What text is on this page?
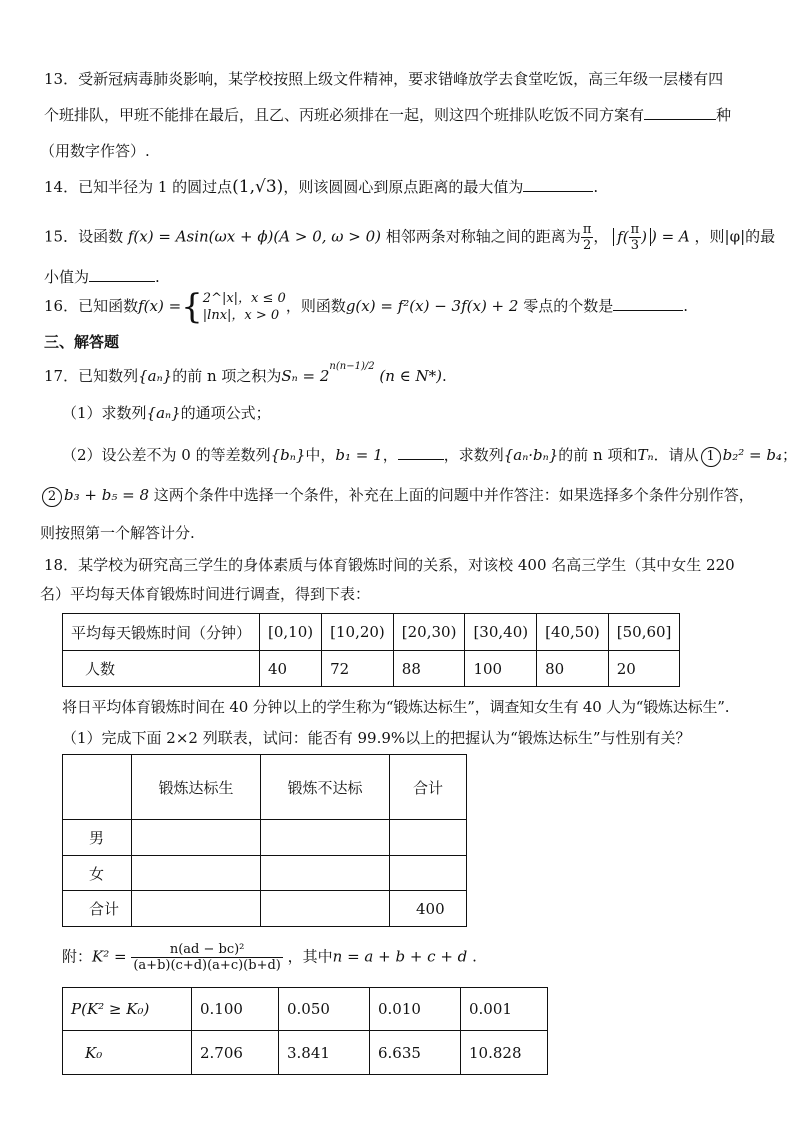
13．受新冠病毒肺炎影响，某学校按照上级文件精神，要求错峰放学去食堂吃饭，高三年级一层楼有四
个班排队，甲班不能排在最后，且乙、丙班必须排在一起，则这四个班排队吃饭不同方案有	种
（用数字作答）.
14．已知半径为 1 的圆过点(1,√3)，则该圆圆心到原点距离的最大值为	.
15．设函数 f(x) = Asin(ωx + ϕ)(A > 0, ω > 0) 相邻两条对称轴之间的距离为 $\frac{\pi}{2}$ ， $f( \frac{\pi}{3}$ ) ) = A ，则|φ|的最
小值为	.
16．已知函数f(x) ={ 2^|x|，x ≤ 0
|lnx|，x > 0
，则函数g(x) = f²(x) − 3f(x) + 2 零点的个数是	.
三、解答题
17．已知数列{aₙ}的前 n 项之积为$S_n = 2^{n(n-1)/2}$ (n ∈ N*).
（1）求数列{aₙ}的通项公式；
（2）设公差不为 0 的等差数列{bₙ}中，b₁ = 1，	，求数列{aₙ·bₙ}的前 n 项和Tₙ．请从 1 b₂² = b₄；
2 b₃ + b₅ = 8 这两个条件中选择一个条件，补充在上面的问题中并作答注：如果选择多个条件分别作答，
则按照第一个解答计分.
18．某学校为研究高三学生的身体素质与体育锻炼时间的关系，对该校 400 名高三学生（其中女生 220
名）平均每天体育锻炼时间进行调查，得到下表：
平均每天锻炼时间（分钟）	[0,10)	[10,20)	[20,30)	[30,40)	[40,50)	[50,60]
人数	40	72	88	100	80	20
将日平均体育锻炼时间在 40 分钟以上的学生称为“锻炼达标生”，调查知女生有 40 人为“锻炼达标生”.
（1）完成下面 2×2 列联表，试问：能否有 99.9%以上的把握认为“锻炼达标生”与性别有关？
	锻炼达标生	锻炼不达标	合计
男			
女			
合计			400
附：$K^2 = \frac{\text{n(ad − bc)²}}{(a+b)(c+d)(a+c)(b+d)}$ ，其中n = a + b + c + d .
P(K² ≥ K₀)	0.100	0.050	0.010	0.001
K₀	2.706	3.841	6.635	10.828
